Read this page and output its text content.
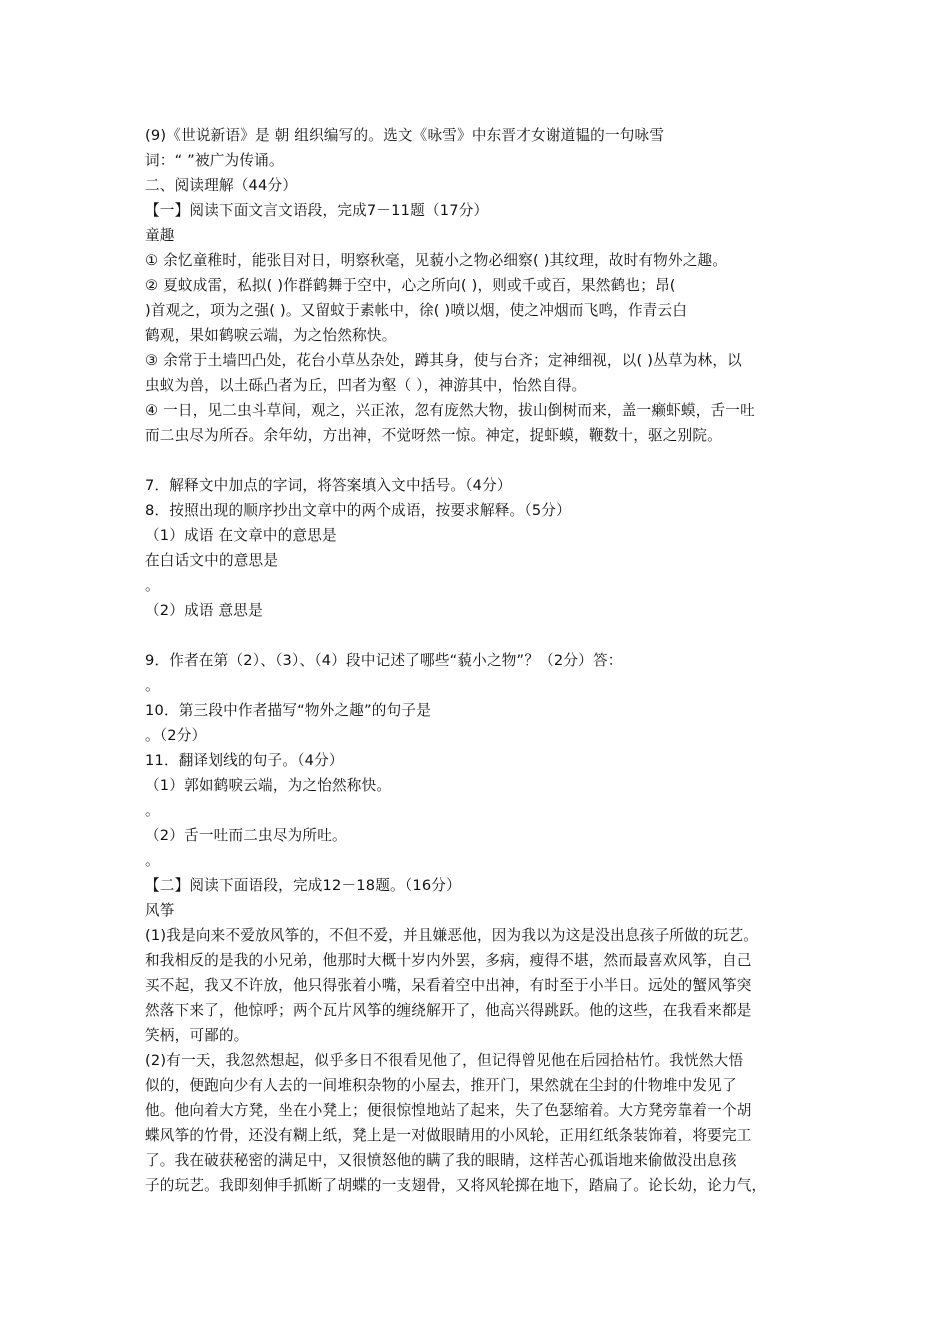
(9)《世说新语》是 朝 组织编写的。选文《咏雪》中东晋才女谢道韫的一句咏雪
词：“ ”被广为传诵。
二、阅读理解（44分）
【一】阅读下面文言文语段，完成7－11题（17分）
童趣
① 余忆童稚时，能张目对日，明察秋毫，见藐小之物必细察( )其纹理，故时有物外之趣。
② 夏蚊成雷，私拟( )作群鹤舞于空中，心之所向( )，则或千或百，果然鹤也；昂(
)首观之，项为之强( )。又留蚊于素帐中，徐( )喷以烟，使之冲烟而飞鸣，作青云白
鹤观，果如鹤唳云端，为之怡然称快。
③ 余常于土墙凹凸处，花台小草丛杂处，蹲其身，使与台齐；定神细视，以( )丛草为林，以
虫蚁为兽，以土砾凸者为丘，凹者为壑（ ），神游其中，怡然自得。
④ 一日，见二虫斗草间，观之，兴正浓，忽有庞然大物，拔山倒树而来，盖一癞虾蟆，舌一吐
而二虫尽为所吞。余年幼，方出神，不觉呀然一惊。神定，捉虾蟆，鞭数十，驱之别院。
7．解释文中加点的字词，将答案填入文中括号。（4分）
8．按照出现的顺序抄出文章中的两个成语，按要求解释。（5分）
（1）成语 在文章中的意思是
在白话文中的意思是
。
（2）成语 意思是
9．作者在第（2）、（3）、（4）段中记述了哪些“藐小之物”？（2分）答：
。
10．第三段中作者描写“物外之趣”的句子是
。（2分）
11．翻译划线的句子。（4分）
（1）郭如鹤唳云端，为之怡然称快。
。
（2）舌一吐而二虫尽为所吐。
。
【二】阅读下面语段，完成12－18题。（16分）
风筝
(1)我是向来不爱放风筝的，不但不爱，并且嫌恶他，因为我以为这是没出息孩子所做的玩艺。
和我相反的是我的小兄弟，他那时大概十岁内外罢，多病，瘦得不堪，然而最喜欢风筝，自己
买不起，我又不许放，他只得张着小嘴，呆看着空中出神，有时至于小半日。远处的蟹风筝突
然落下来了，他惊呼；两个瓦片风筝的缠绕解开了，他高兴得跳跃。他的这些，在我看来都是
笑柄，可鄙的。
(2)有一天，我忽然想起，似乎多日不很看见他了，但记得曾见他在后园拾枯竹。我恍然大悟
似的，便跑向少有人去的一间堆积杂物的小屋去，推开门，果然就在尘封的什物堆中发见了
他。他向着大方凳，坐在小凳上；便很惊惶地站了起来，失了色瑟缩着。大方凳旁靠着一个胡
蝶风筝的竹骨，还没有糊上纸，凳上是一对做眼睛用的小风轮，正用红纸条装饰着，将要完工
了。我在破获秘密的满足中，又很愤怒他的瞒了我的眼睛，这样苦心孤诣地来偷做没出息孩
子的玩艺。我即刻伸手抓断了胡蝶的一支翅骨，又将风轮掷在地下，踏扁了。论长幼，论力气，
